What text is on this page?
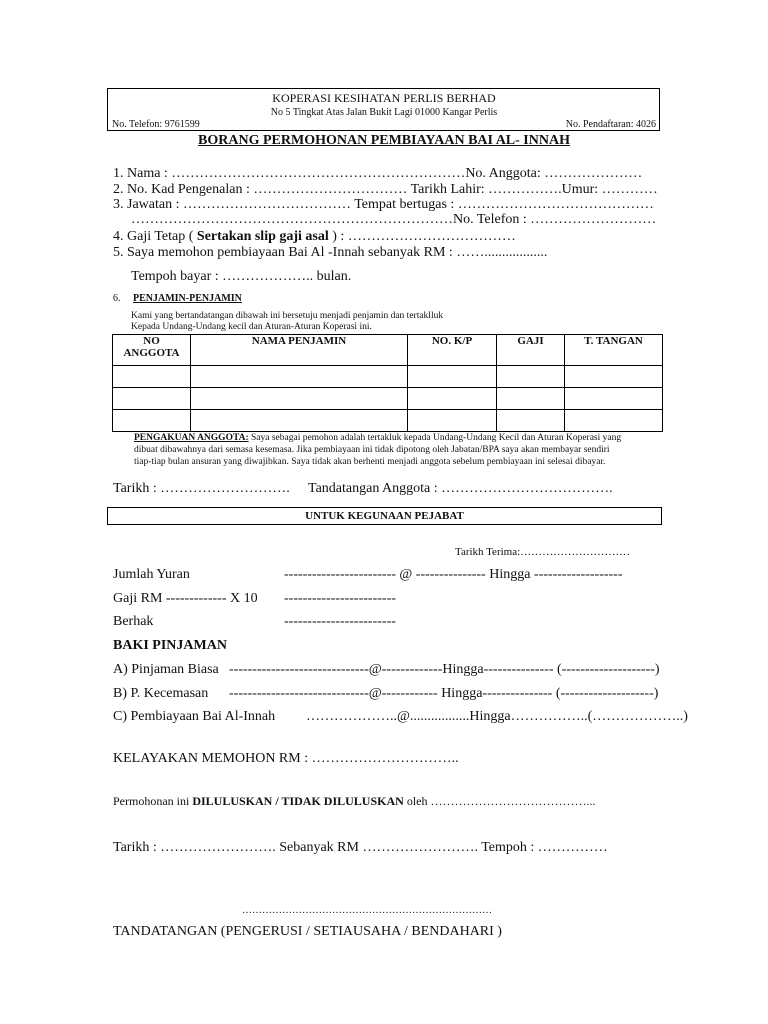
KOPERASI KESIHATAN PERLIS BERHAD
No 5 Tingkat Atas Jalan Bukit Lagi 01000 Kangar Perlis
No. Telefon: 9761599	No. Pendaftaran: 4026
BORANG PERMOHONAN PEMBIAYAAN BAI AL- INNAH
1. Nama : ………………………………………………………No. Anggota: …………………
2. No. Kad Pengenalan : …………………………… Tarikh Lahir: …………….Umur: …………
3. Jawatan : ……………………………… Tempat bertugas : ……………………………………
……………………………………………………………No. Telefon : ………………………
4. Gaji Tetap ( Sertakan slip gaji asal ) : ………………………………
5. Saya memohon pembiayaan Bai Al -Innah sebanyak RM : ……..................
Tempoh bayar : ……………….. bulan.
6. PENJAMIN-PENJAMIN
Kami yang bertandatangan dibawah ini bersetuju menjadi penjamin dan tertaklluk
Kepada Undang-Undang kecil dan Aturan-Aturan Koperasi ini.
NO ANGGOTA	NAMA PENJAMIN	NO. K/P	GAJI	T. TANGAN

PENGAKUAN ANGGOTA: Saya sebagai pemohon adalah tertakluk kepada Undang-Undang Kecil dan Aturan Koperasi yang
dibuat dibawahnya dari semasa kesemasa. Jika pembiayaan ini tidak dipotong oleh Jabatan/BPA saya akan membayar sendiri
tiap-tiap bulan ansuran yang diwajibkan. Saya tidak akan berhenti menjadi anggota sebelum pembiayaan ini selesai dibayar.
Tarikh : ………………………. Tandatangan Anggota : ……………………………….
UNTUK KEGUNAAN PEJABAT
Tarikh Terima:…………………………
Jumlah Yuran	------------------------ @ --------------- Hingga -------------------
Gaji RM ------------- X 10 ------------------------
Berhak	------------------------
BAKI PINJAMAN
A) Pinjaman Biasa ------------------------------@-------------Hingga--------------- (--------------------)
B) P. Kecemasan ------------------------------@------------ Hingga--------------- (--------------------)
C) Pembiayaan Bai Al-Innah ………………..@.................Hingga……………..(………………..)
KELAYAKAN MEMOHON RM : …………………………..
Permohonan ini DILULUSKAN / TIDAK DILULUSKAN oleh …………………………………...
Tarikh : ……………………. Sebanyak RM ……………………. Tempoh : ……………
…………………………………………………………………
TANDATANGAN (PENGERUSI / SETIAUSAHA / BENDAHARI )
